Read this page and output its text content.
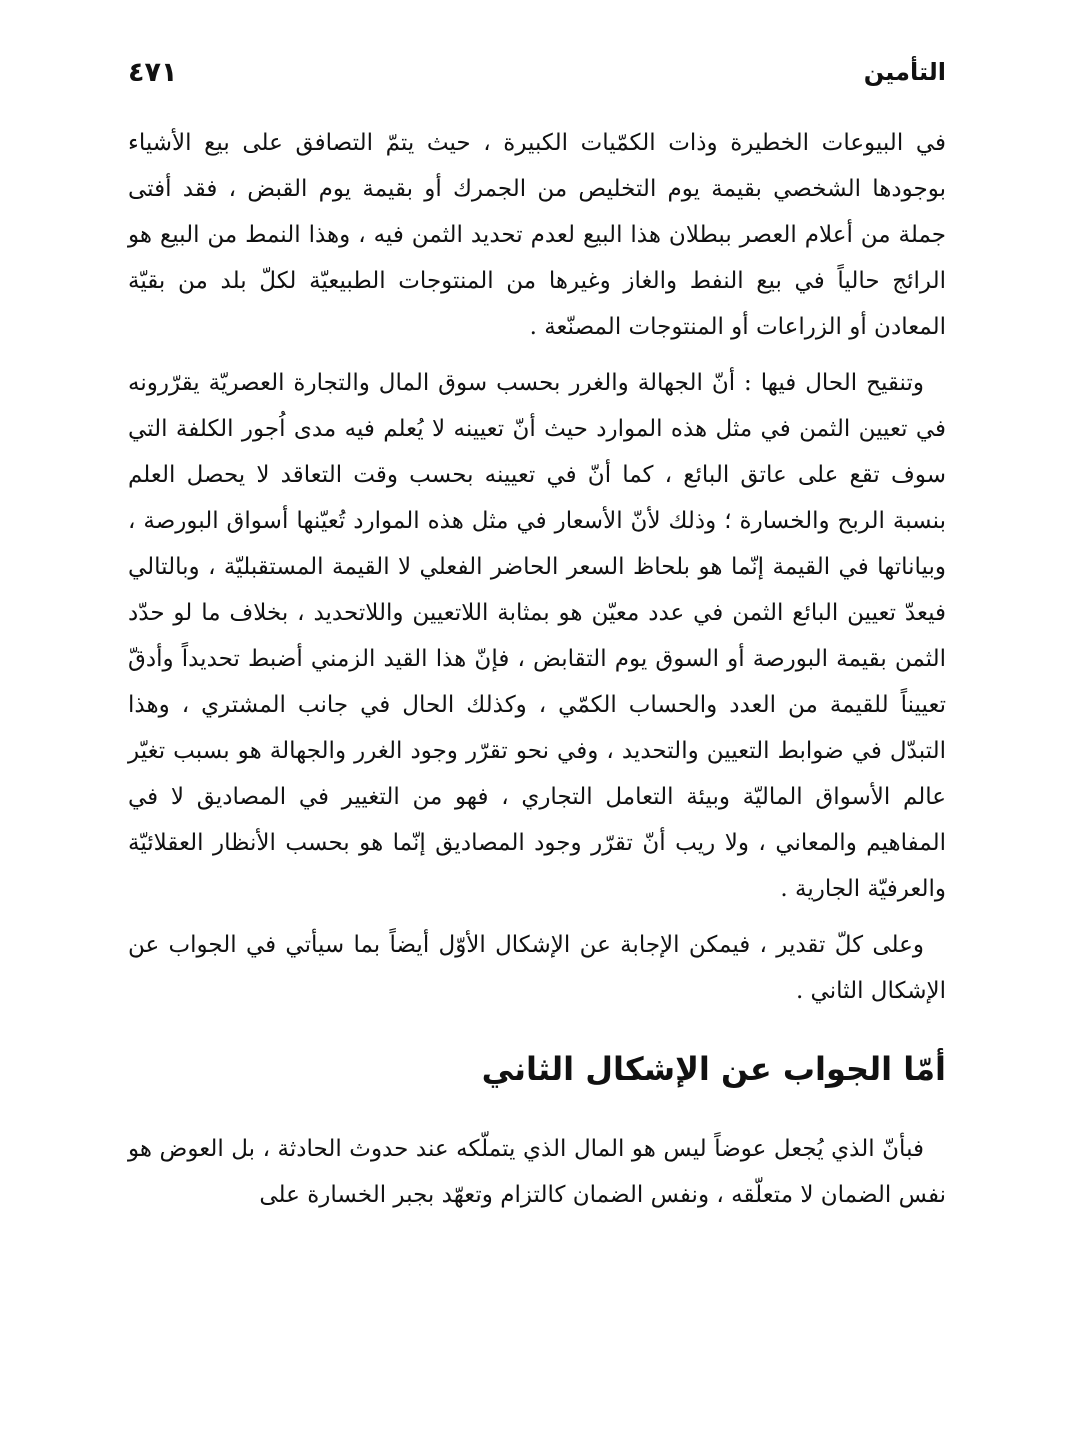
التأمين
٤٧١

في البيوعات الخطيرة وذات الكمّيات الكبيرة ، حيث يتمّ التصافق على بيع الأشياء بوجودها الشخصي بقيمة يوم التخليص من الجمرك أو بقيمة يوم القبض ، فقد أفتى جملة من أعلام العصر ببطلان هذا البيع لعدم تحديد الثمن فيه ، وهذا النمط من البيع هو الرائج حالياً في بيع النفط والغاز وغيرها من المنتوجات الطبيعيّة لكلّ بلد من بقيّة المعادن أو الزراعات أو المنتوجات المصنّعة .

وتنقيح الحال فيها : أنّ الجهالة والغرر بحسب سوق المال والتجارة العصريّة يقرّرونه في تعيين الثمن في مثل هذه الموارد حيث أنّ تعيينه لا يُعلم فيه مدى اُجور الكلفة التي سوف تقع على عاتق البائع ، كما أنّ في تعيينه بحسب وقت التعاقد لا يحصل العلم بنسبة الربح والخسارة ؛ وذلك لأنّ الأسعار في مثل هذه الموارد تُعيّنها أسواق البورصة ، وبياناتها في القيمة إنّما هو بلحاظ السعر الحاضر الفعلي لا القيمة المستقبليّة ، وبالتالي فيعدّ تعيين البائع الثمن في عدد معيّن هو بمثابة اللاتعيين واللاتحديد ، بخلاف ما لو حدّد الثمن بقيمة البورصة أو السوق يوم التقابض ، فإنّ هذا القيد الزمني أضبط تحديداً وأدقّ تعييناً للقيمة من العدد والحساب الكمّي ، وكذلك الحال في جانب المشتري ، وهذا التبدّل في ضوابط التعيين والتحديد ، وفي نحو تقرّر وجود الغرر والجهالة هو بسبب تغيّر عالم الأسواق الماليّة وبيئة التعامل التجاري ، فهو من التغيير في المصاديق لا في المفاهيم والمعاني ، ولا ريب أنّ تقرّر وجود المصاديق إنّما هو بحسب الأنظار العقلائيّة والعرفيّة الجارية .

وعلى كلّ تقدير ، فيمكن الإجابة عن الإشكال الأوّل أيضاً بما سيأتي في الجواب عن الإشكال الثاني .

أمّا الجواب عن الإشكال الثاني

فبأنّ الذي يُجعل عوضاً ليس هو المال الذي يتملّكه عند حدوث الحادثة ، بل العوض هو نفس الضمان لا متعلّقه ، ونفس الضمان كالتزام وتعهّد بجبر الخسارة على
